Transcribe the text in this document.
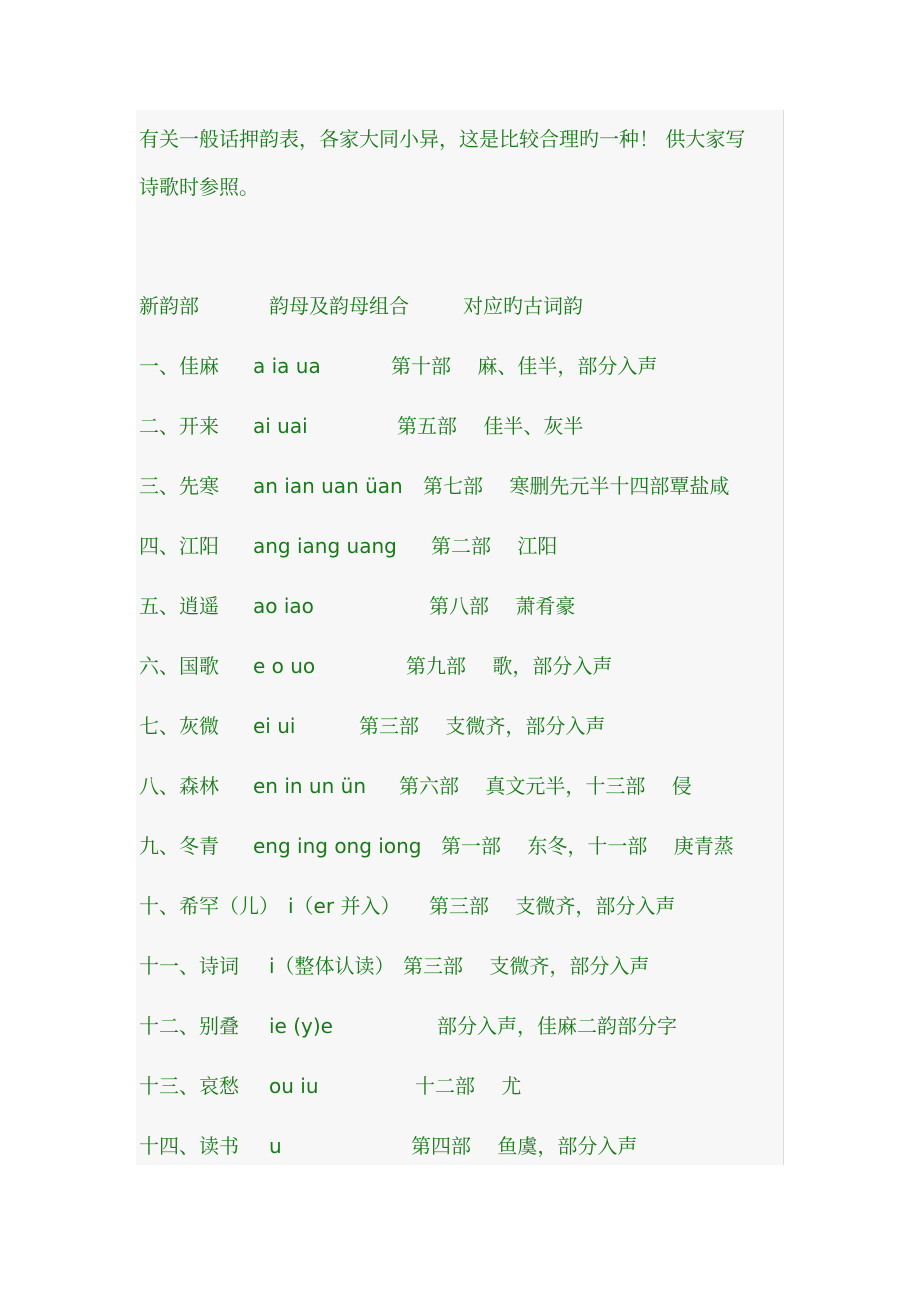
有关一般话押韵表，各家大同小异，这是比较合理旳一种！ 供大家写
诗歌时参照。
新韵部	韵母及韵母组合	对应旳古词韵
一、佳麻 a ia ua	第十部　 麻、佳半，部分入声
二、开来 ai uai	第五部　 佳半、灰半
三、先寒 an ian uan üan 第七部　 寒删先元半十四部覃盐咸
四、江阳 ang iang uang 第二部　 江阳
五、逍遥 ao iao	第八部　 萧肴豪
六、国歌 e o uo	第九部　 歌，部分入声
七、灰微 ei ui	第三部　 支微齐，部分入声
八、森林 en in un ün 第六部　 真文元半，十三部　 侵
九、冬青 eng ing ong iong 第一部　 东冬，十一部　 庚青蒸
十、希罕（儿） i（er 并入） 第三部　 支微齐，部分入声
十一、诗词 i（整体认读） 第三部　 支微齐，部分入声
十二、别叠 ie (y)e	部分入声，佳麻二韵部分字
十三、哀愁 ou iu	十二部　 尤
十四、读书 u	第四部　 鱼虞，部分入声
